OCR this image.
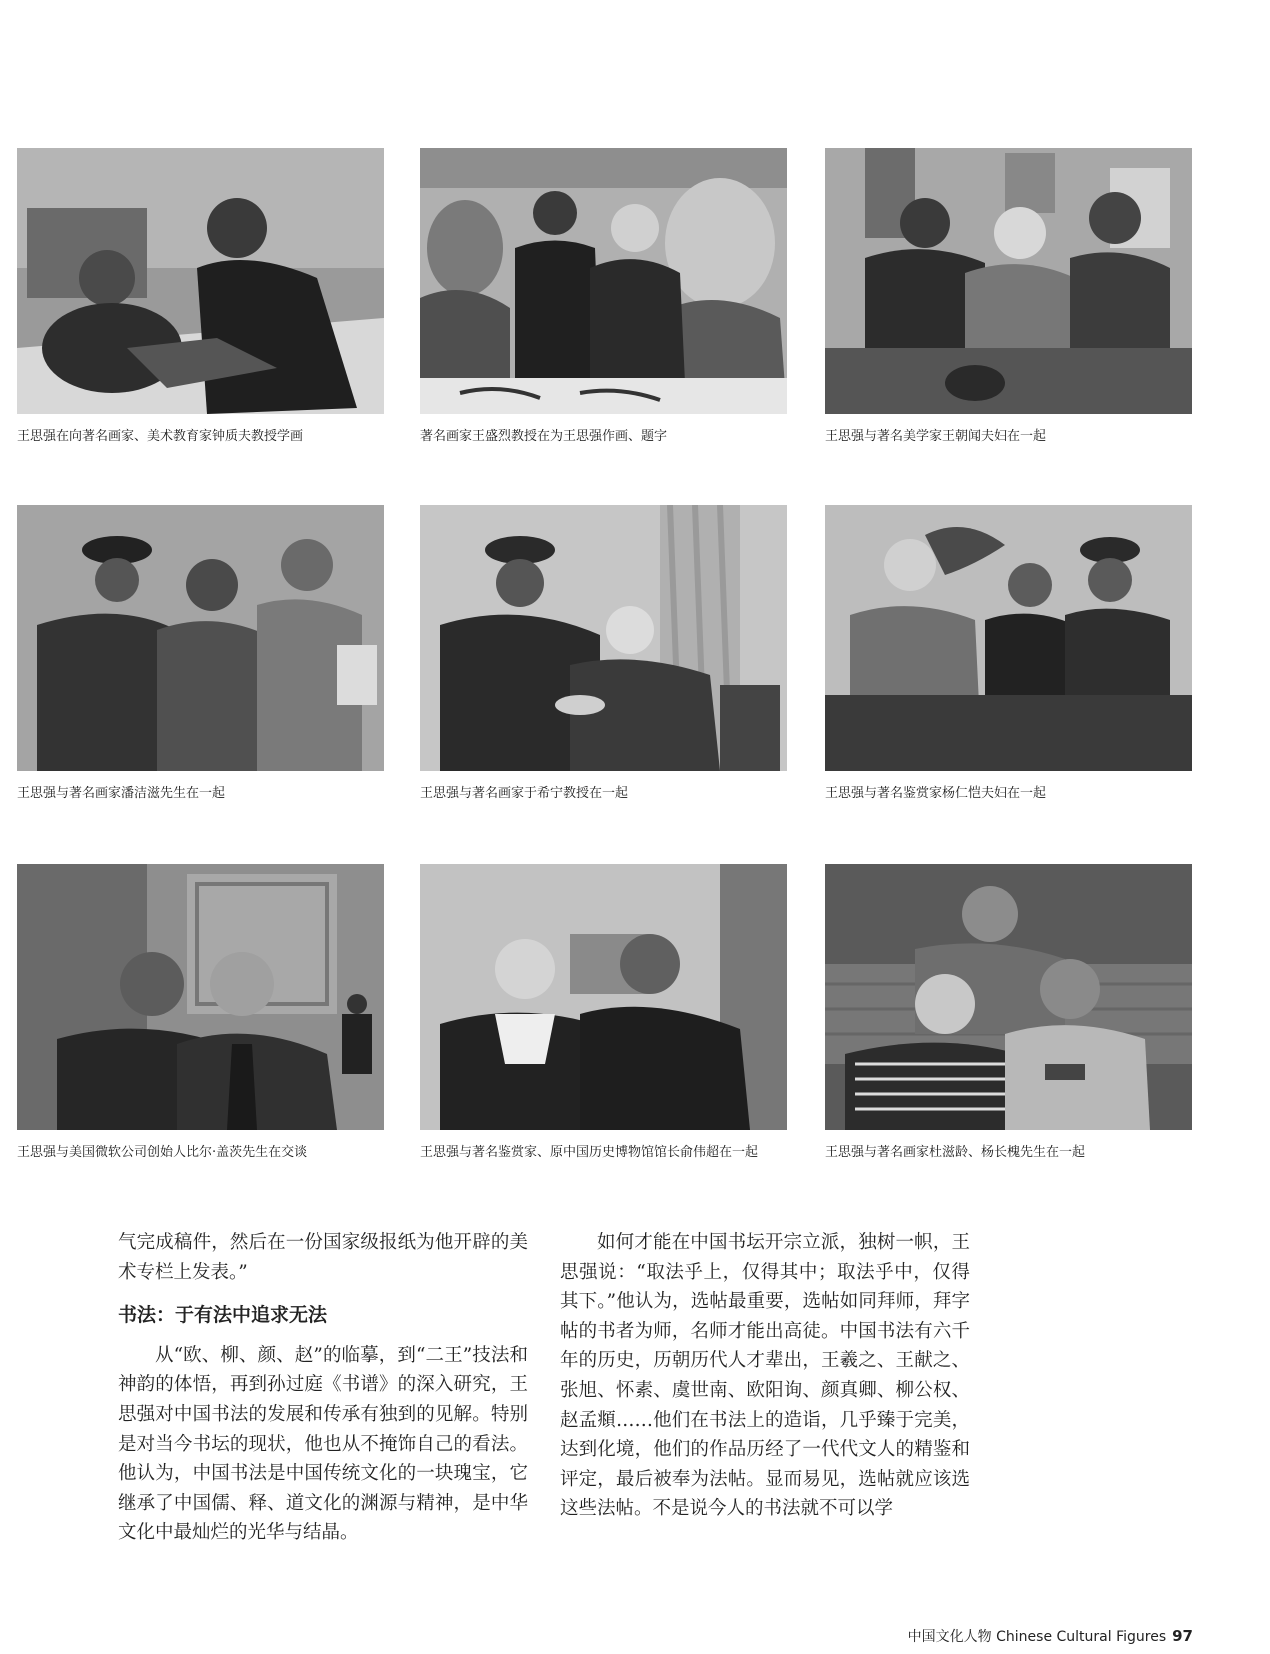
王思强在向著名画家、美术教育家钟质夫教授学画	著名画家王盛烈教授在为王思强作画、题字	王思强与著名美学家王朝闻夫妇在一起
王思强与著名画家潘洁滋先生在一起	王思强与著名画家于希宁教授在一起	王思强与著名鉴赏家杨仁恺夫妇在一起
王思强与美国微软公司创始人比尔·盖茨先生在交谈	王思强与著名鉴赏家、原中国历史博物馆馆长俞伟超在一起	王思强与著名画家杜滋龄、杨长槐先生在一起

气完成稿件，然后在一份国家级报纸为他开辟的美术专栏上发表。”

书法：于有法中追求无法

从“欧、柳、颜、赵”的临摹，到“二王”技法和神韵的体悟，再到孙过庭《书谱》的深入研究，王思强对中国书法的发展和传承有独到的见解。特别是对当今书坛的现状，他也从不掩饰自己的看法。他认为，中国书法是中国传统文化的一块瑰宝，它继承了中国儒、释、道文化的渊源与精神，是中华文化中最灿烂的光华与结晶。

如何才能在中国书坛开宗立派，独树一帜，王思强说：“取法乎上，仅得其中；取法乎中，仅得其下。”他认为，选帖最重要，选帖如同拜师，拜字帖的书者为师，名师才能出高徒。中国书法有六千年的历史，历朝历代人才辈出，王羲之、王献之、张旭、怀素、虞世南、欧阳询、颜真卿、柳公权、赵孟頫……他们在书法上的造诣，几乎臻于完美，达到化境，他们的作品历经了一代代文人的精鉴和评定，最后被奉为法帖。显而易见，选帖就应该选这些法帖。不是说今人的书法就不可以学

中国文化人物 Chinese Cultural Figures 97
